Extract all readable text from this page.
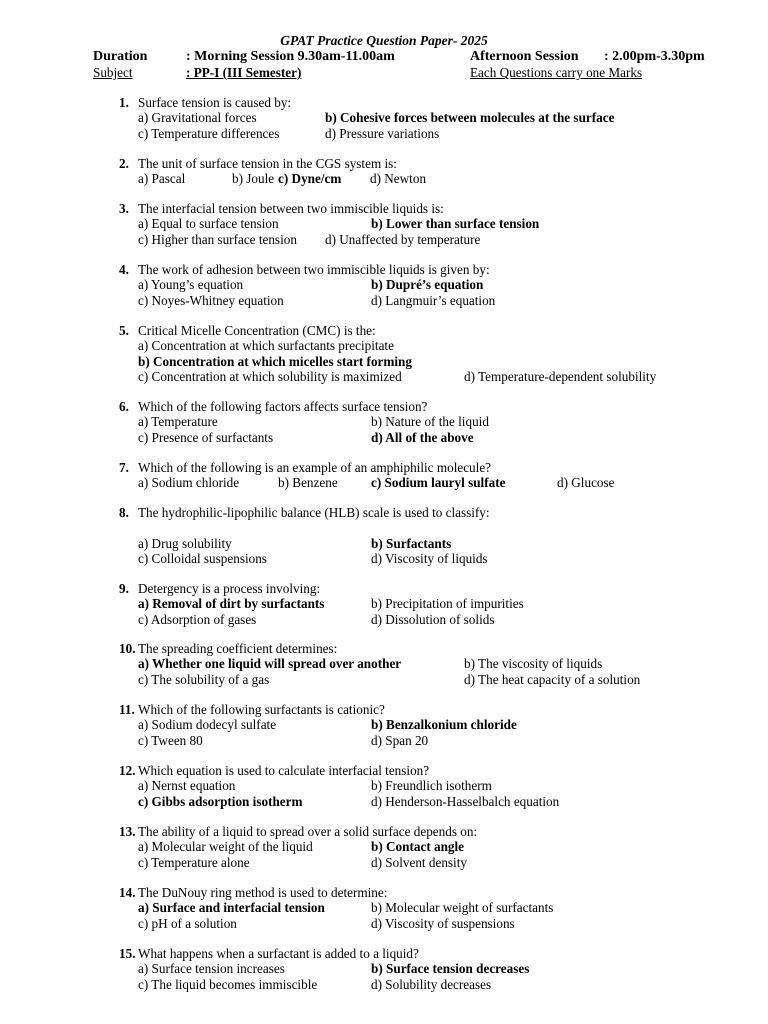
GPAT Practice Question Paper- 2025
Duration	: Morning Session 9.30am-11.00am	Afternoon Session : 2.00pm-3.30pm
Subject	: PP-I (III Semester)	Each Questions carry one Marks
1. Surface tension is caused by:
a) Gravitational forces	b) Cohesive forces between molecules at the surface
c) Temperature differences	d) Pressure variations
2. The unit of surface tension in the CGS system is:
a) Pascal	b) Joule c) Dyne/cm d) Newton
3. The interfacial tension between two immiscible liquids is:
a) Equal to surface tension	b) Lower than surface tension
c) Higher than surface tension d) Unaffected by temperature
4. The work of adhesion between two immiscible liquids is given by:
a) Young’s equation	b) Dupré’s equation
c) Noyes-Whitney equation	d) Langmuir’s equation
5. Critical Micelle Concentration (CMC) is the:
a) Concentration at which surfactants precipitate
b) Concentration at which micelles start forming
c) Concentration at which solubility is maximized	d) Temperature-dependent solubility
6. Which of the following factors affects surface tension?
a) Temperature	b) Nature of the liquid
c) Presence of surfactants	d) All of the above
7. Which of the following is an example of an amphiphilic molecule?
a) Sodium chloride	b) Benzene	c) Sodium lauryl sulfate	d) Glucose
8. The hydrophilic-lipophilic balance (HLB) scale is used to classify:
a) Drug solubility	b) Surfactants
c) Colloidal suspensions	d) Viscosity of liquids
9. Detergency is a process involving:
a) Removal of dirt by surfactants	b) Precipitation of impurities
c) Adsorption of gases	d) Dissolution of solids
10. The spreading coefficient determines:
a) Whether one liquid will spread over another	b) The viscosity of liquids
c) The solubility of a gas	d) The heat capacity of a solution
11. Which of the following surfactants is cationic?
a) Sodium dodecyl sulfate	b) Benzalkonium chloride
c) Tween 80	d) Span 20
12. Which equation is used to calculate interfacial tension?
a) Nernst equation	b) Freundlich isotherm
c) Gibbs adsorption isotherm	d) Henderson-Hasselbalch equation
13. The ability of a liquid to spread over a solid surface depends on:
a) Molecular weight of the liquid	b) Contact angle
c) Temperature alone	d) Solvent density
14. The DuNouy ring method is used to determine:
a) Surface and interfacial tension	b) Molecular weight of surfactants
c) pH of a solution	d) Viscosity of suspensions
15. What happens when a surfactant is added to a liquid?
a) Surface tension increases	b) Surface tension decreases
c) The liquid becomes immiscible	d) Solubility decreases
